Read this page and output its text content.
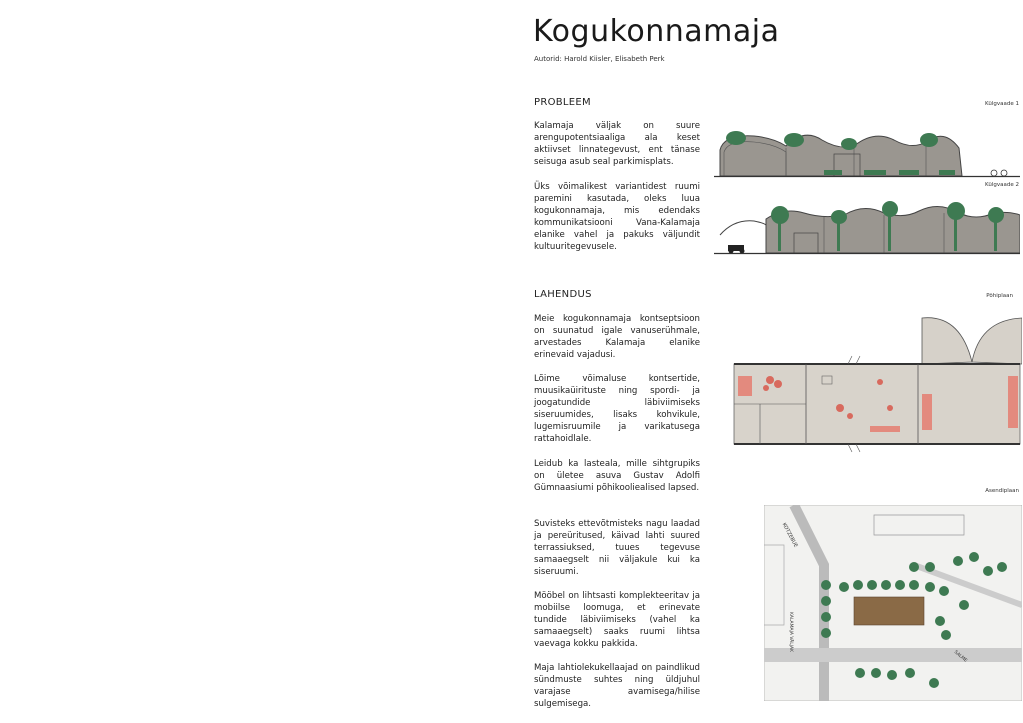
Kogukonnamaja
Autorid: Harold Kiisler, Elisabeth Perk
PROBLEEM
Kalamaja väljak on suure arengupotentsiaaliga ala keset aktiivset linnategevust, ent tänase seisuga asub seal parkimisplats.
Üks võimalikest variantidest ruumi paremini kasutada, oleks luua kogukonnamaja, mis edendaks kommunikatsiooni Vana-Kalamaja elanike vahel ja pakuks väljundit kultuuritegevusele.
LAHENDUS
Meie kogukonnamaja kontseptsioon on suunatud igale vanuserühmale, arvestades Kalamaja elanike erinevaid vajadusi.
Lõime võimaluse kontsertide, muusikaüirituste ning spordi- ja joogatundide läbiviimiseks siseruumides, lisaks kohvikule, lugemisruumile ja varikatusega rattahoidlale.
Leidub ka lasteala, mille sihtgrupiks on ületee asuva Gustav Adolfi Gümnaasiumi põhikooliealised lapsed.
Suvisteks ettevõtmisteks nagu laadad ja pereüritused, käivad lahti suured terrassiuksed, tuues tegevuse samaaegselt nii väljakule kui ka siseruumi.
Mööbel on lihtsasti komplekteeritav ja mobiilse loomuga, et erinevate tundide läbiviimiseks (vahel ka samaaegselt) saaks ruumi lihtsa vaevaga kokku pakkida.
Maja lahtiolekukellaajad on paindlikud sündmuste suhtes ning üldjuhul varajase avamisega/hilise sulgemisega.
Külgvaade 1
Külgvaade 2
Põhiplaan
Asendiplaan
KOTZEBUE
KALAMAJA VÄLJAK
SALME
